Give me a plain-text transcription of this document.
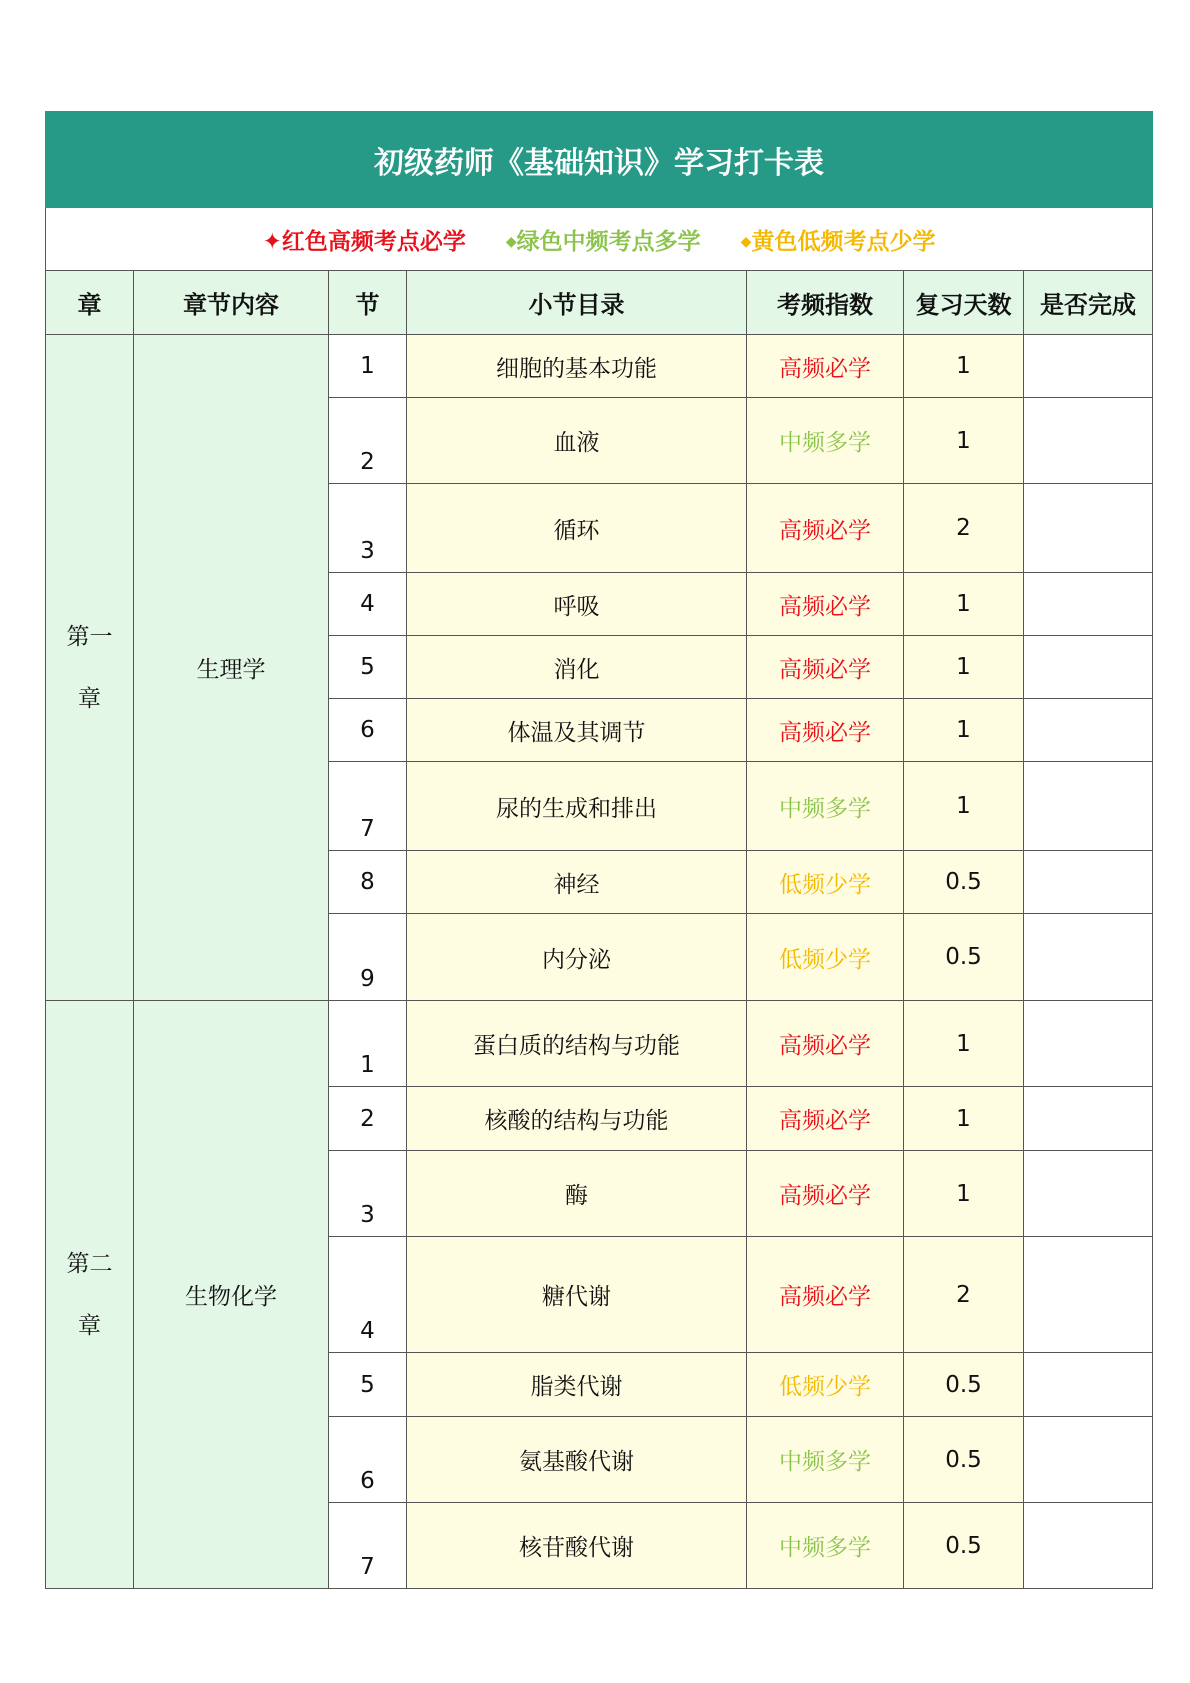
初级药师《基础知识》学习打卡表						
✦红色高频考点必学 ◆绿色中频考点多学 ◆黄色低频考点少学						
章	章节内容	节	小节目录	考频指数	复习天数	是否完成

第一
章	生理学	1	细胞的基本功能	高频必学	1	
		2	血液	中频多学	1	
		3	循环	高频必学	2	
		4	呼吸	高频必学	1	
		5	消化	高频必学	1	
		6	体温及其调节	高频必学	1	
		7	尿的生成和排出	中频多学	1	
		8	神经	低频少学	0.5	
		9	内分泌	低频少学	0.5	

第二
章	生物化学	1	蛋白质的结构与功能	高频必学	1	
		2	核酸的结构与功能	高频必学	1	
		3	酶	高频必学	1	
		4	糖代谢	高频必学	2	
		5	脂类代谢	低频少学	0.5	
		6	氨基酸代谢	中频多学	0.5	
		7	核苷酸代谢	中频多学	0.5	
